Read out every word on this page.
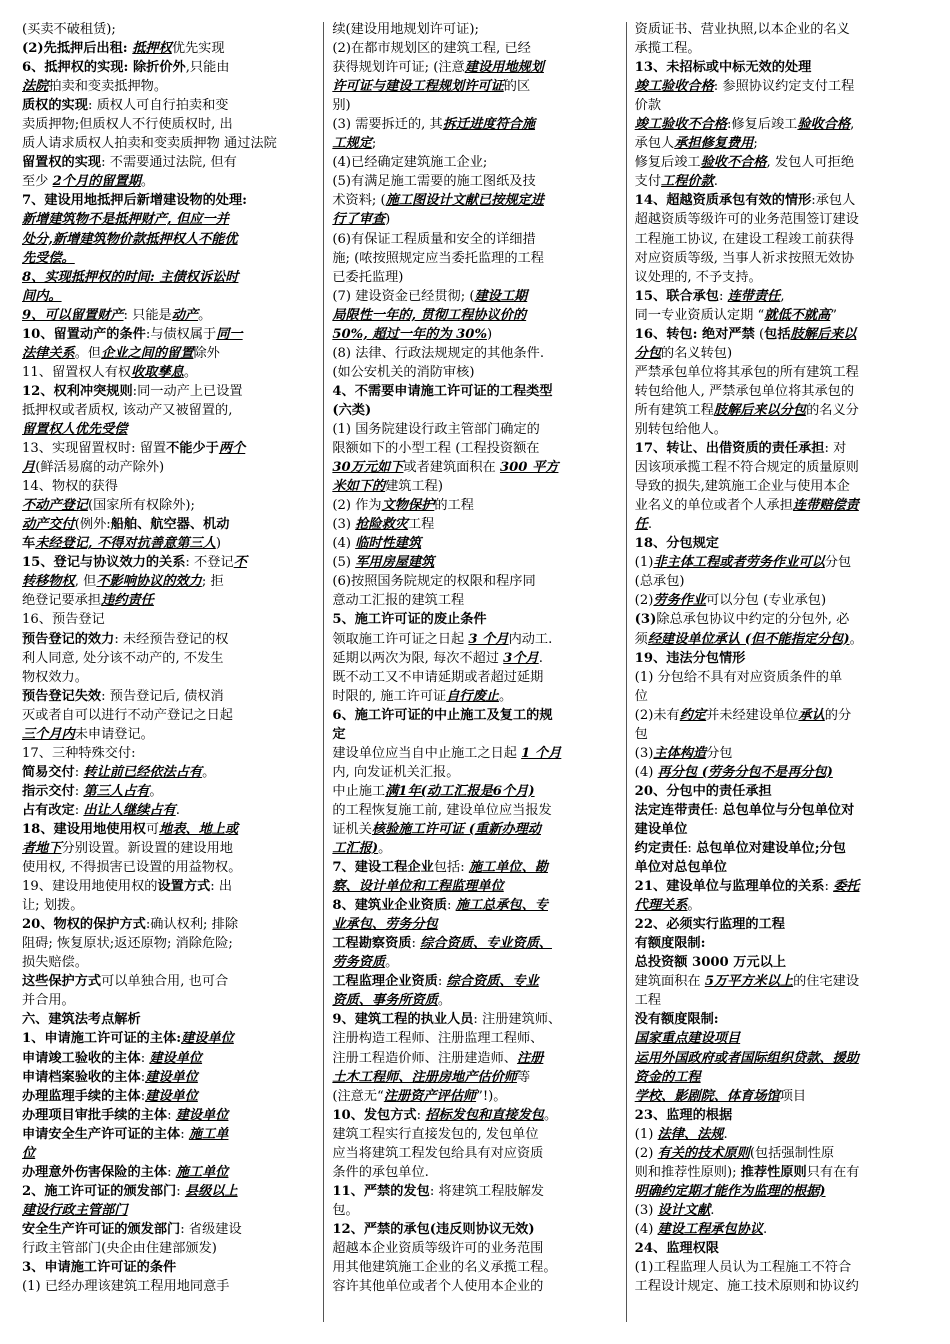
(买卖不破租赁);
(2)先抵押后出租: 抵押权优先实现
6、抵押权的实现: 除折价外,只能由
法院拍卖和变卖抵押物。
质权的实现: 质权人可自行拍卖和变
卖质押物;但质权人不行使质权时, 出
质人请求质权人拍卖和变卖质押物 通过法院
留置权的实现: 不需要通过法院, 但有
至少 2个月的留置期。
7、建设用地抵押后新增建设物的处理:
新增建筑物不是抵押财产, 但应一并
处分,新增建筑物价款抵押权人不能优
先受偿。
8、实现抵押权的时间: 主债权诉讼时
间内。
9、可以留置财产: 只能是动产。
10、留置动产的条件:与债权属于同一
法律关系。但企业之间的留置除外
11、留置权人有权收取孳息。
12、权利冲突规则:同一动产上已设置
抵押权或者质权, 该动产又被留置的,
留置权人优先受偿
13、实现留置权时: 留置不能少于两个
月(鲜活易腐的动产除外)
14、物权的获得
不动产登记(国家所有权除外);
动产交付(例外:船舶、航空器、机动
车未经登记, 不得对抗善意第三人)
15、登记与协议效力的关系: 不登记不
转移物权, 但不影响协议的效力; 拒
绝登记要承担违约责任
16、预告登记
预告登记的效力: 未经预告登记的权
利人同意, 处分该不动产的, 不发生
物权效力。
预告登记失效: 预告登记后, 债权消
灭或者自可以进行不动产登记之日起
三个月内未申请登记。
17、三种特殊交付:
简易交付: 转让前已经依法占有。
指示交付: 第三人占有。
占有改定: 出让人继续占有.
18、建设用地使用权可地表、地上或
者地下分别设置。新设置的建设用地
使用权, 不得损害已设置的用益物权。
19、建设用地使用权的设置方式: 出
让; 划拨。
20、物权的保护方式:确认权利; 排除
阻碍; 恢复原状;返还原物; 消除危险;
损失赔偿。
这些保护方式可以单独合用, 也可合
并合用。
六、建筑法考点解析
1、申请施工许可证的主体:建设单位
申请竣工验收的主体: 建设单位
申请档案验收的主体:建设单位
办理监理手续的主体:建设单位
办理项目审批手续的主体: 建设单位
申请安全生产许可证的主体: 施工单
位
办理意外伤害保险的主体: 施工单位
2、施工许可证的颁发部门: 县级以上
建设行政主管部门
安全生产许可证的颁发部门: 省级建设
行政主管部门(央企由住建部颁发)
3、申请施工许可证的条件
(1) 已经办理该建筑工程用地同意手
续(建设用地规划许可证);
(2)在都市规划区的建筑工程, 已经
获得规划许可证; (注意建设用地规划
许可证与建设工程规划许可证的区
别)
(3) 需要拆迁的, 其拆迁进度符合施
工规定;
(4)已经确定建筑施工企业;
(5)有满足施工需要的施工图纸及技
术资料; (施工图设计文献已按规定进
行了审查)
(6)有保证工程质量和安全的详细措
施; (哝按照规定应当委托监理的工程
已委托监理)
(7) 建设资金已经贯彻; (建设工期
局限性一年的, 贯彻工程协议价的
50%, 超过一年的为 30%)
(8) 法律、行政法规规定的其他条件.
(如公安机关的消防审核)
4、不需要申请施工许可证的工程类型
(六类)
(1) 国务院建设行政主管部门确定的
限额如下的小型工程 (工程投资额在
30万元如下或者建筑面积在 300 平方
米如下的建筑工程)
(2) 作为文物保护的工程
(3) 抢险救灾工程
(4) 临时性建筑
(5) 军用房屋建筑
(6)按照国务院规定的权限和程序同
意动工汇报的建筑工程
5、施工许可证的废止条件
领取施工许可证之日起 3 个月内动工.
延期以两次为限, 每次不超过 3个月.
既不动工又不申请延期或者超过延期
时限的, 施工许可证自行废止。
6、施工许可证的中止施工及复工的规
定
建设单位应当自中止施工之日起 1 个月
内, 向发证机关汇报。
中止施工满1年(动工汇报是6个月)
的工程恢复施工前, 建设单位应当报发
证机关核验施工许可证 (重新办理动
工汇报)。
7、建设工程企业包括: 施工单位、勘
察、设计单位和工程监理单位
8、建筑业企业资质: 施工总承包、专
业承包、劳务分包
工程勘察资质: 综合资质、专业资质、
劳务资质。
工程监理企业资质: 综合资质、专业
资质、事务所资质。
9、建筑工程的执业人员: 注册建筑师、
注册构造工程师、注册监理工程师、
注册工程造价师、注册建造师、注册
土木工程师、注册房地产估价师等
(注意无“注册资产评估师”!)。
10、发包方式: 招标发包和直接发包。
建筑工程实行直接发包的, 发包单位
应当将建筑工程发包给具有对应资质
条件的承包单位.
11、严禁的发包: 将建筑工程肢解发
包。
12、严禁的承包(违反则协议无效)
超越本企业资质等级许可的业务范围
用其他建筑施工企业的名义承揽工程。
容许其他单位或者个人使用本企业的
资质证书、营业执照,以本企业的名义
承揽工程。
13、未招标或中标无效的处理
竣工验收合格: 参照协议约定支付工程
价款
竣工验收不合格:修复后竣工验收合格,
承包人承担修复费用;
修复后竣工验收不合格, 发包人可拒绝
支付工程价款.
14、超越资质承包有效的情形:承包人
超越资质等级许可的业务范围签订建设
工程施工协议, 在建设工程竣工前获得
对应资质等级, 当事人祈求按照无效协
议处理的, 不予支持。
15、联合承包: 连带责任,
同一专业资质认定期 “就低不就高”
16、转包: 绝对严禁 (包括肢解后来以
分包的名义转包)
严禁承包单位将其承包的所有建筑工程
转包给他人, 严禁承包单位将其承包的
所有建筑工程肢解后来以分包的名义分
别转包给他人。
17、转让、出借资质的责任承担: 对
因该项承揽工程不符合规定的质量原则
导致的损失,建筑施工企业与使用本企
业名义的单位或者个人承担连带赔偿责
任.
18、分包规定
(1)非主体工程或者劳务作业可以分包
(总承包)
(2)劳务作业可以分包 (专业承包)
(3)除总承包协议中约定的分包外, 必
须经建设单位承认 (但不能指定分包)。
19、违法分包情形
(1) 分包给不具有对应资质条件的单
位
(2)未有约定并未经建设单位承认的分
包
(3)主体构造分包
(4) 再分包 (劳务分包不是再分包)
20、分包中的责任承担
法定连带责任: 总包单位与分包单位对
建设单位
约定责任: 总包单位对建设单位;分包
单位对总包单位
21、建设单位与监理单位的关系: 委托
代理关系。
22、必须实行监理的工程
有额度限制:
总投资额 3000 万元以上
建筑面积在 5万平方米以上的住宅建设
工程
没有额度限制:
国家重点建设项目
运用外国政府或者国际组织贷款、援助
资金的工程
学校、影剧院、体育场馆项目
23、监理的根据
(1) 法律、法规.
(2) 有关的技术原则(包括强制性原
则和推荐性原则); 推荐性原则只有在有
明确约定期才能作为监理的根据)
(3) 设计文献.
(4) 建设工程承包协议.
24、监理权限
(1)工程监理人员认为工程施工不符合
工程设计规定、施工技术原则和协议约
